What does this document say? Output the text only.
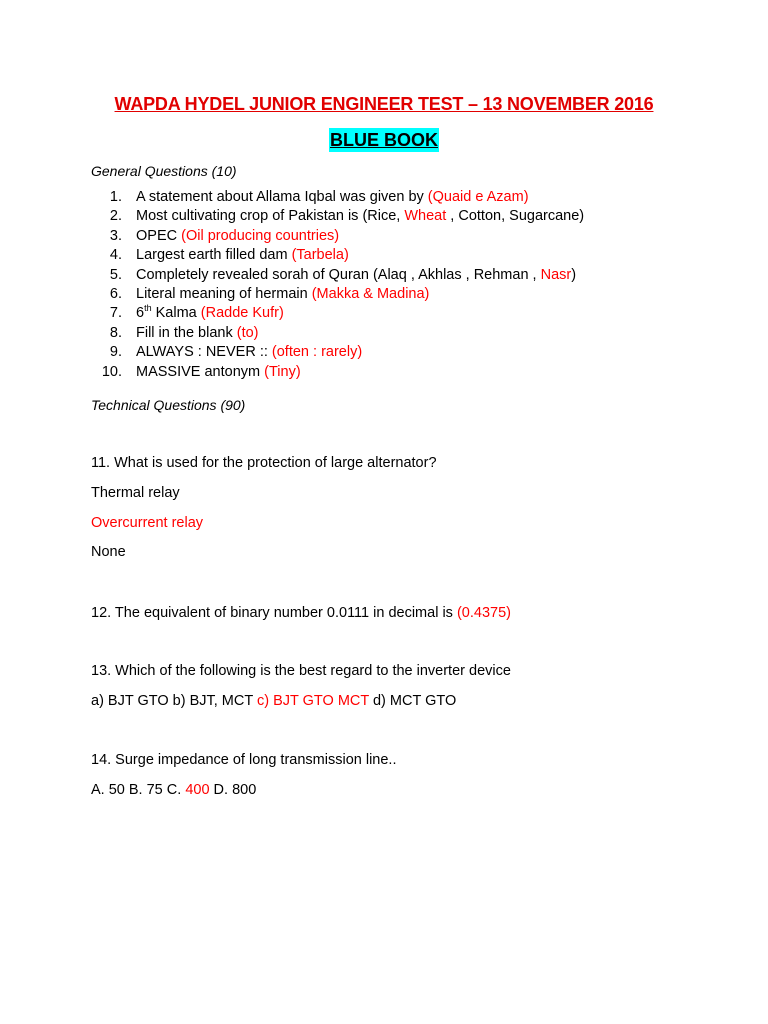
WAPDA HYDEL JUNIOR ENGINEER TEST – 13 NOVEMBER 2016
BLUE BOOK
General Questions (10)
1. A statement about Allama Iqbal was given by (Quaid e Azam)
2. Most cultivating crop of Pakistan is (Rice, Wheat , Cotton, Sugarcane)
3. OPEC (Oil producing countries)
4. Largest earth filled dam (Tarbela)
5. Completely revealed sorah of Quran (Alaq , Akhlas , Rehman , Nasr)
6. Literal meaning of hermain (Makka & Madina)
7. 6th Kalma (Radde Kufr)
8. Fill in the blank (to)
9. ALWAYS : NEVER :: (often : rarely)
10. MASSIVE antonym (Tiny)
Technical Questions (90)
11. What is used for the protection of large alternator?
Thermal relay
Overcurrent relay
None
12. The equivalent of binary number 0.0111 in decimal is (0.4375)
13. Which of the following is the best regard to the inverter device
a) BJT GTO b) BJT, MCT c) BJT GTO MCT d) MCT GTO
14. Surge impedance of long transmission line..
A. 50 B. 75 C. 400 D. 800
